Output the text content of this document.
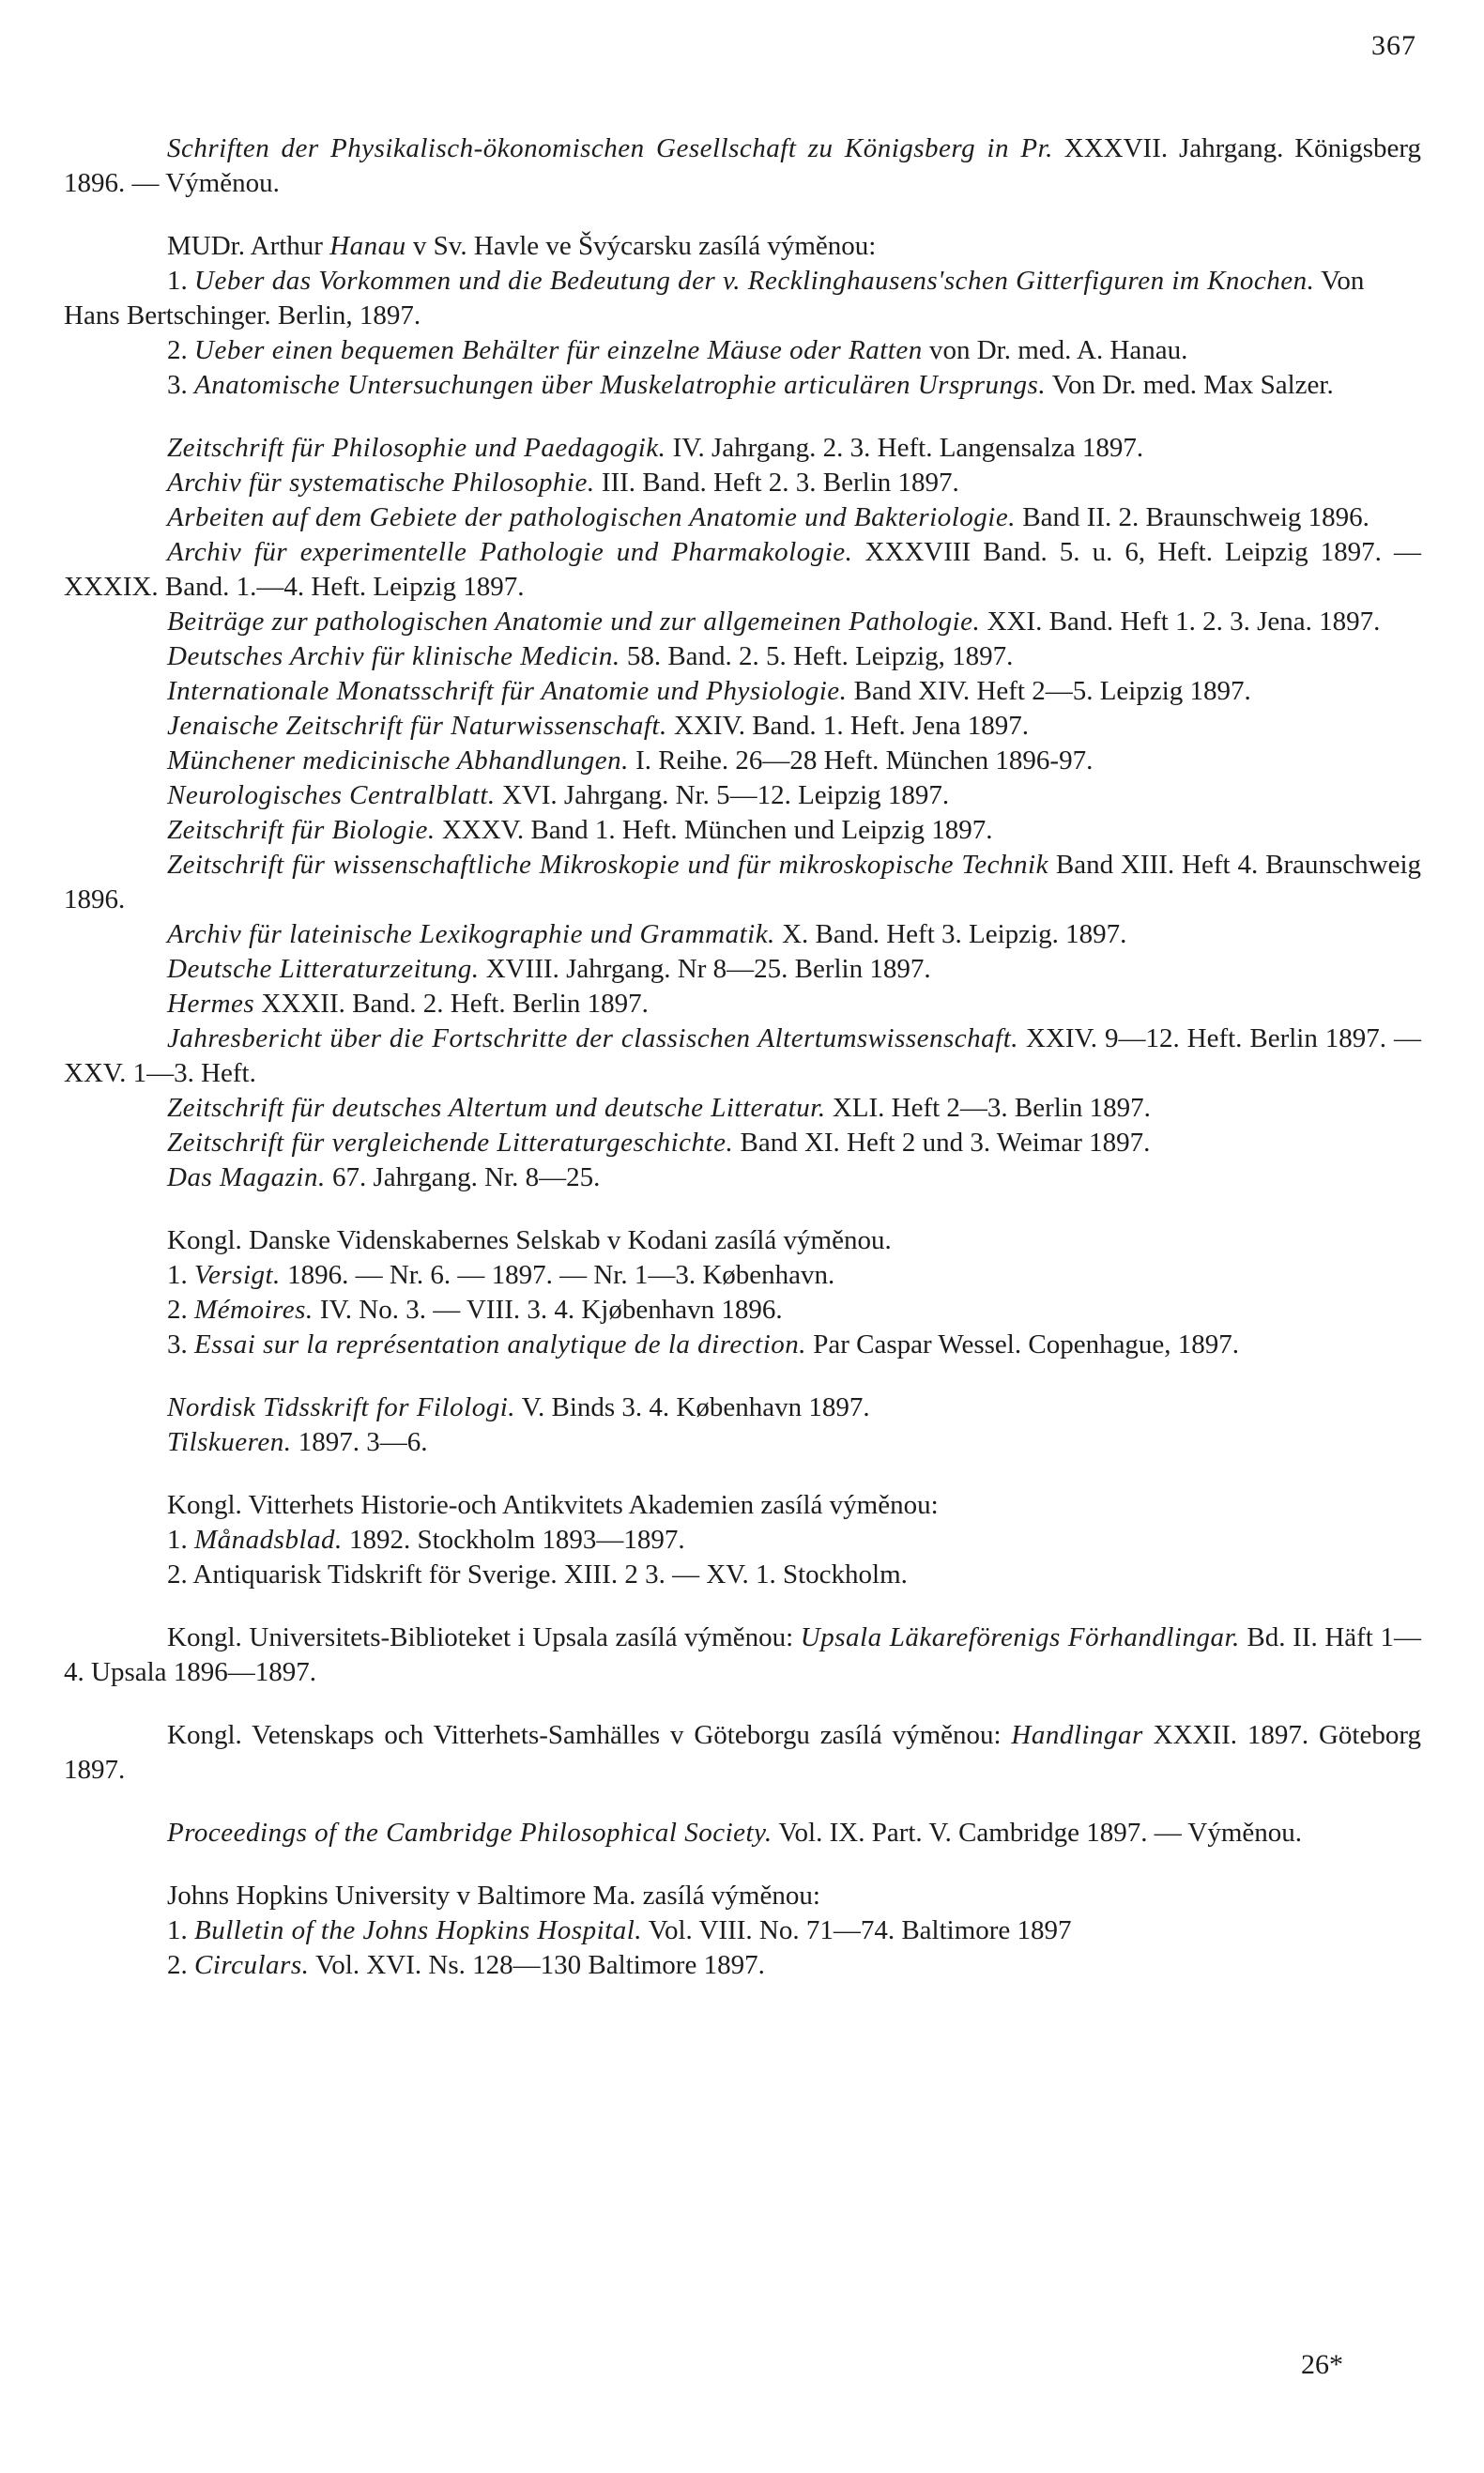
367

Schriften der Physikalisch-ökonomischen Gesellschaft zu Königsberg in Pr. XXXVII. Jahrgang. Königsberg 1896. — Výměnou.

MUDr. Arthur Hanau v Sv. Havle ve Švýcarsku zasílá výměnou:

1. Ueber das Vorkommen und die Bedeutung der v. Recklinghausens'schen Gitterfiguren im Knochen. Von Hans Bertschinger. Berlin, 1897.

2. Ueber einen bequemen Behälter für einzelne Mäuse oder Ratten von Dr. med. A. Hanau.

3. Anatomische Untersuchungen über Muskelatrophie articulären Ursprungs. Von Dr. med. Max Salzer.

Zeitschrift für Philosophie und Paedagogik. IV. Jahrgang. 2. 3. Heft. Langensalza 1897.

Archiv für systematische Philosophie. III. Band. Heft 2. 3. Berlin 1897.

Arbeiten auf dem Gebiete der pathologischen Anatomie und Bakteriologie. Band II. 2. Braunschweig 1896.

Archiv für experimentelle Pathologie und Pharmakologie. XXXVIII Band. 5. u. 6, Heft. Leipzig 1897. — XXXIX. Band. 1.—4. Heft. Leipzig 1897.

Beiträge zur pathologischen Anatomie und zur allgemeinen Pathologie. XXI. Band. Heft 1. 2. 3. Jena. 1897.

Deutsches Archiv für klinische Medicin. 58. Band. 2. 5. Heft. Leipzig, 1897.

Internationale Monatsschrift für Anatomie und Physiologie. Band XIV. Heft 2—5. Leipzig 1897.

Jenaische Zeitschrift für Naturwissenschaft. XXIV. Band. 1. Heft. Jena 1897.

Münchener medicinische Abhandlungen. I. Reihe. 26—28 Heft. München 1896-97.

Neurologisches Centralblatt. XVI. Jahrgang. Nr. 5—12. Leipzig 1897.

Zeitschrift für Biologie. XXXV. Band 1. Heft. München und Leipzig 1897.

Zeitschrift für wissenschaftliche Mikroskopie und für mikroskopische Technik Band XIII. Heft 4. Braunschweig 1896.

Archiv für lateinische Lexikographie und Grammatik. X. Band. Heft 3. Leipzig. 1897.

Deutsche Litteraturzeitung. XVIII. Jahrgang. Nr 8—25. Berlin 1897.

Hermes XXXII. Band. 2. Heft. Berlin 1897.

Jahresbericht über die Fortschritte der classischen Altertumswissenschaft. XXIV. 9—12. Heft. Berlin 1897. — XXV. 1—3. Heft.

Zeitschrift für deutsches Altertum und deutsche Litteratur. XLI. Heft 2—3. Berlin 1897.

Zeitschrift für vergleichende Litteraturgeschichte. Band XI. Heft 2 und 3. Weimar 1897.

Das Magazin. 67. Jahrgang. Nr. 8—25.

Kongl. Danske Videnskabernes Selskab v Kodani zasílá výměnou.

1. Versigt. 1896. — Nr. 6. — 1897. — Nr. 1—3. København.

2. Mémoires. IV. No. 3. — VIII. 3. 4. Kjøbenhavn 1896.

3. Essai sur la représentation analytique de la direction. Par Caspar Wessel. Copenhague, 1897.

Nordisk Tidsskrift for Filologi. V. Binds 3. 4. København 1897.

Tilskueren. 1897. 3—6.

Kongl. Vitterhets Historie-och Antikvitets Akademien zasílá výměnou:

1. Månadsblad. 1892. Stockholm 1893—1897.

2. Antiquarisk Tidskrift för Sverige. XIII. 2 3. — XV. 1. Stockholm.

Kongl. Universitets-Biblioteket i Upsala zasílá výměnou: Upsala Läkareförenigs Förhandlingar. Bd. II. Häft 1—4. Upsala 1896—1897.

Kongl. Vetenskaps och Vitterhets-Samhälles v Göteborgu zasílá výměnou: Handlingar XXXII. 1897. Göteborg 1897.

Proceedings of the Cambridge Philosophical Society. Vol. IX. Part. V. Cambridge 1897. — Výměnou.

Johns Hopkins University v Baltimore Ma. zasílá výměnou:

1. Bulletin of the Johns Hopkins Hospital. Vol. VIII. No. 71—74. Baltimore 1897

2. Circulars. Vol. XVI. Ns. 128—130 Baltimore 1897.

26*
